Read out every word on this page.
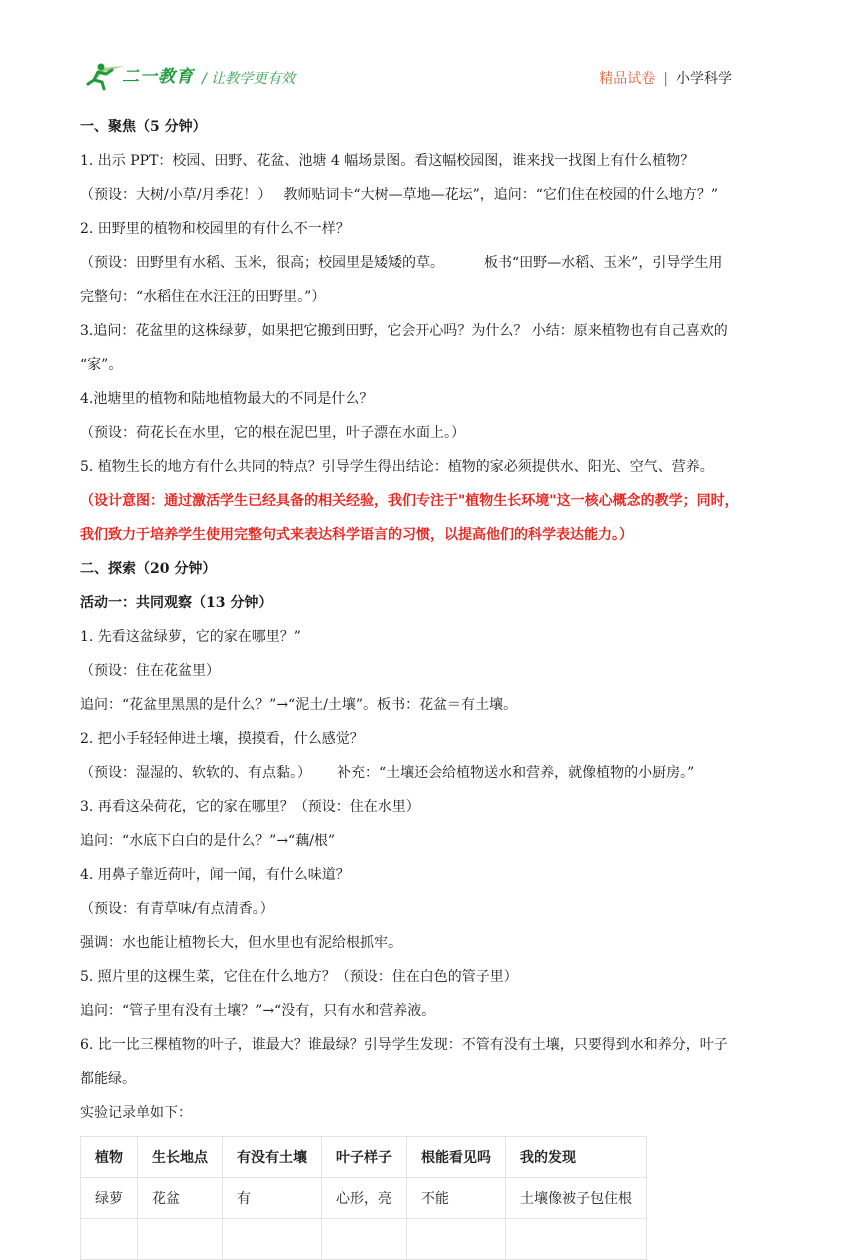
二一教育 / 让教学更有效	精品试卷 | 小学科学

一、聚焦（5 分钟）

1. 出示 PPT：校园、田野、花盆、池塘 4 幅场景图。看这幅校园图，谁来找一找图上有什么植物？

（预设：大树/小草/月季花！） 教师贴词卡“大树—草地—花坛”，追问：“它们住在校园的什么地方？”

2. 田野里的植物和校园里的有什么不一样？

（预设：田野里有水稻、玉米，很高；校园里是矮矮的草。	板书“田野—水稻、玉米”，引导学生用

完整句：“水稻住在水汪汪的田野里。”）

3.追问：花盆里的这株绿萝，如果把它搬到田野，它会开心吗？为什么？ 小结：原来植物也有自己喜欢的

“家”。

4.池塘里的植物和陆地植物最大的不同是什么？

（预设：荷花长在水里，它的根在泥巴里，叶子漂在水面上。）

5. 植物生长的地方有什么共同的特点？引导学生得出结论：植物的家必须提供水、阳光、空气、营养。

（设计意图：通过激活学生已经具备的相关经验，我们专注于"植物生长环境"这一核心概念的教学；同时，

我们致力于培养学生使用完整句式来表达科学语言的习惯，以提高他们的科学表达能力。）

二、探索（20 分钟）

活动一：共同观察（13 分钟）

1. 先看这盆绿萝，它的家在哪里？”

（预设：住在花盆里）

追问：“花盆里黑黑的是什么？”→“泥土/土壤”。板书：花盆＝有土壤。

2. 把小手轻轻伸进土壤，摸摸看，什么感觉？

（预设：湿湿的、软软的、有点黏。） 补充：“土壤还会给植物送水和营养，就像植物的小厨房。”

3. 再看这朵荷花，它的家在哪里？（预设：住在水里）

追问：“水底下白白的是什么？”→“藕/根”

4. 用鼻子靠近荷叶，闻一闻，有什么味道？

（预设：有青草味/有点清香。）

强调：水也能让植物长大，但水里也有泥给根抓牢。

5. 照片里的这棵生菜，它住在什么地方？（预设：住在白色的管子里）

追问：“管子里有没有土壤？”→“没有，只有水和营养液。

6. 比一比三棵植物的叶子，谁最大？谁最绿？引导学生发现：不管有没有土壤，只要得到水和养分，叶子

都能绿。

实验记录单如下：

植物	生长地点	有没有土壤	叶子样子	根能看见吗	我的发现
绿萝	花盆	有	心形，亮	不能	土壤像被子包住根
